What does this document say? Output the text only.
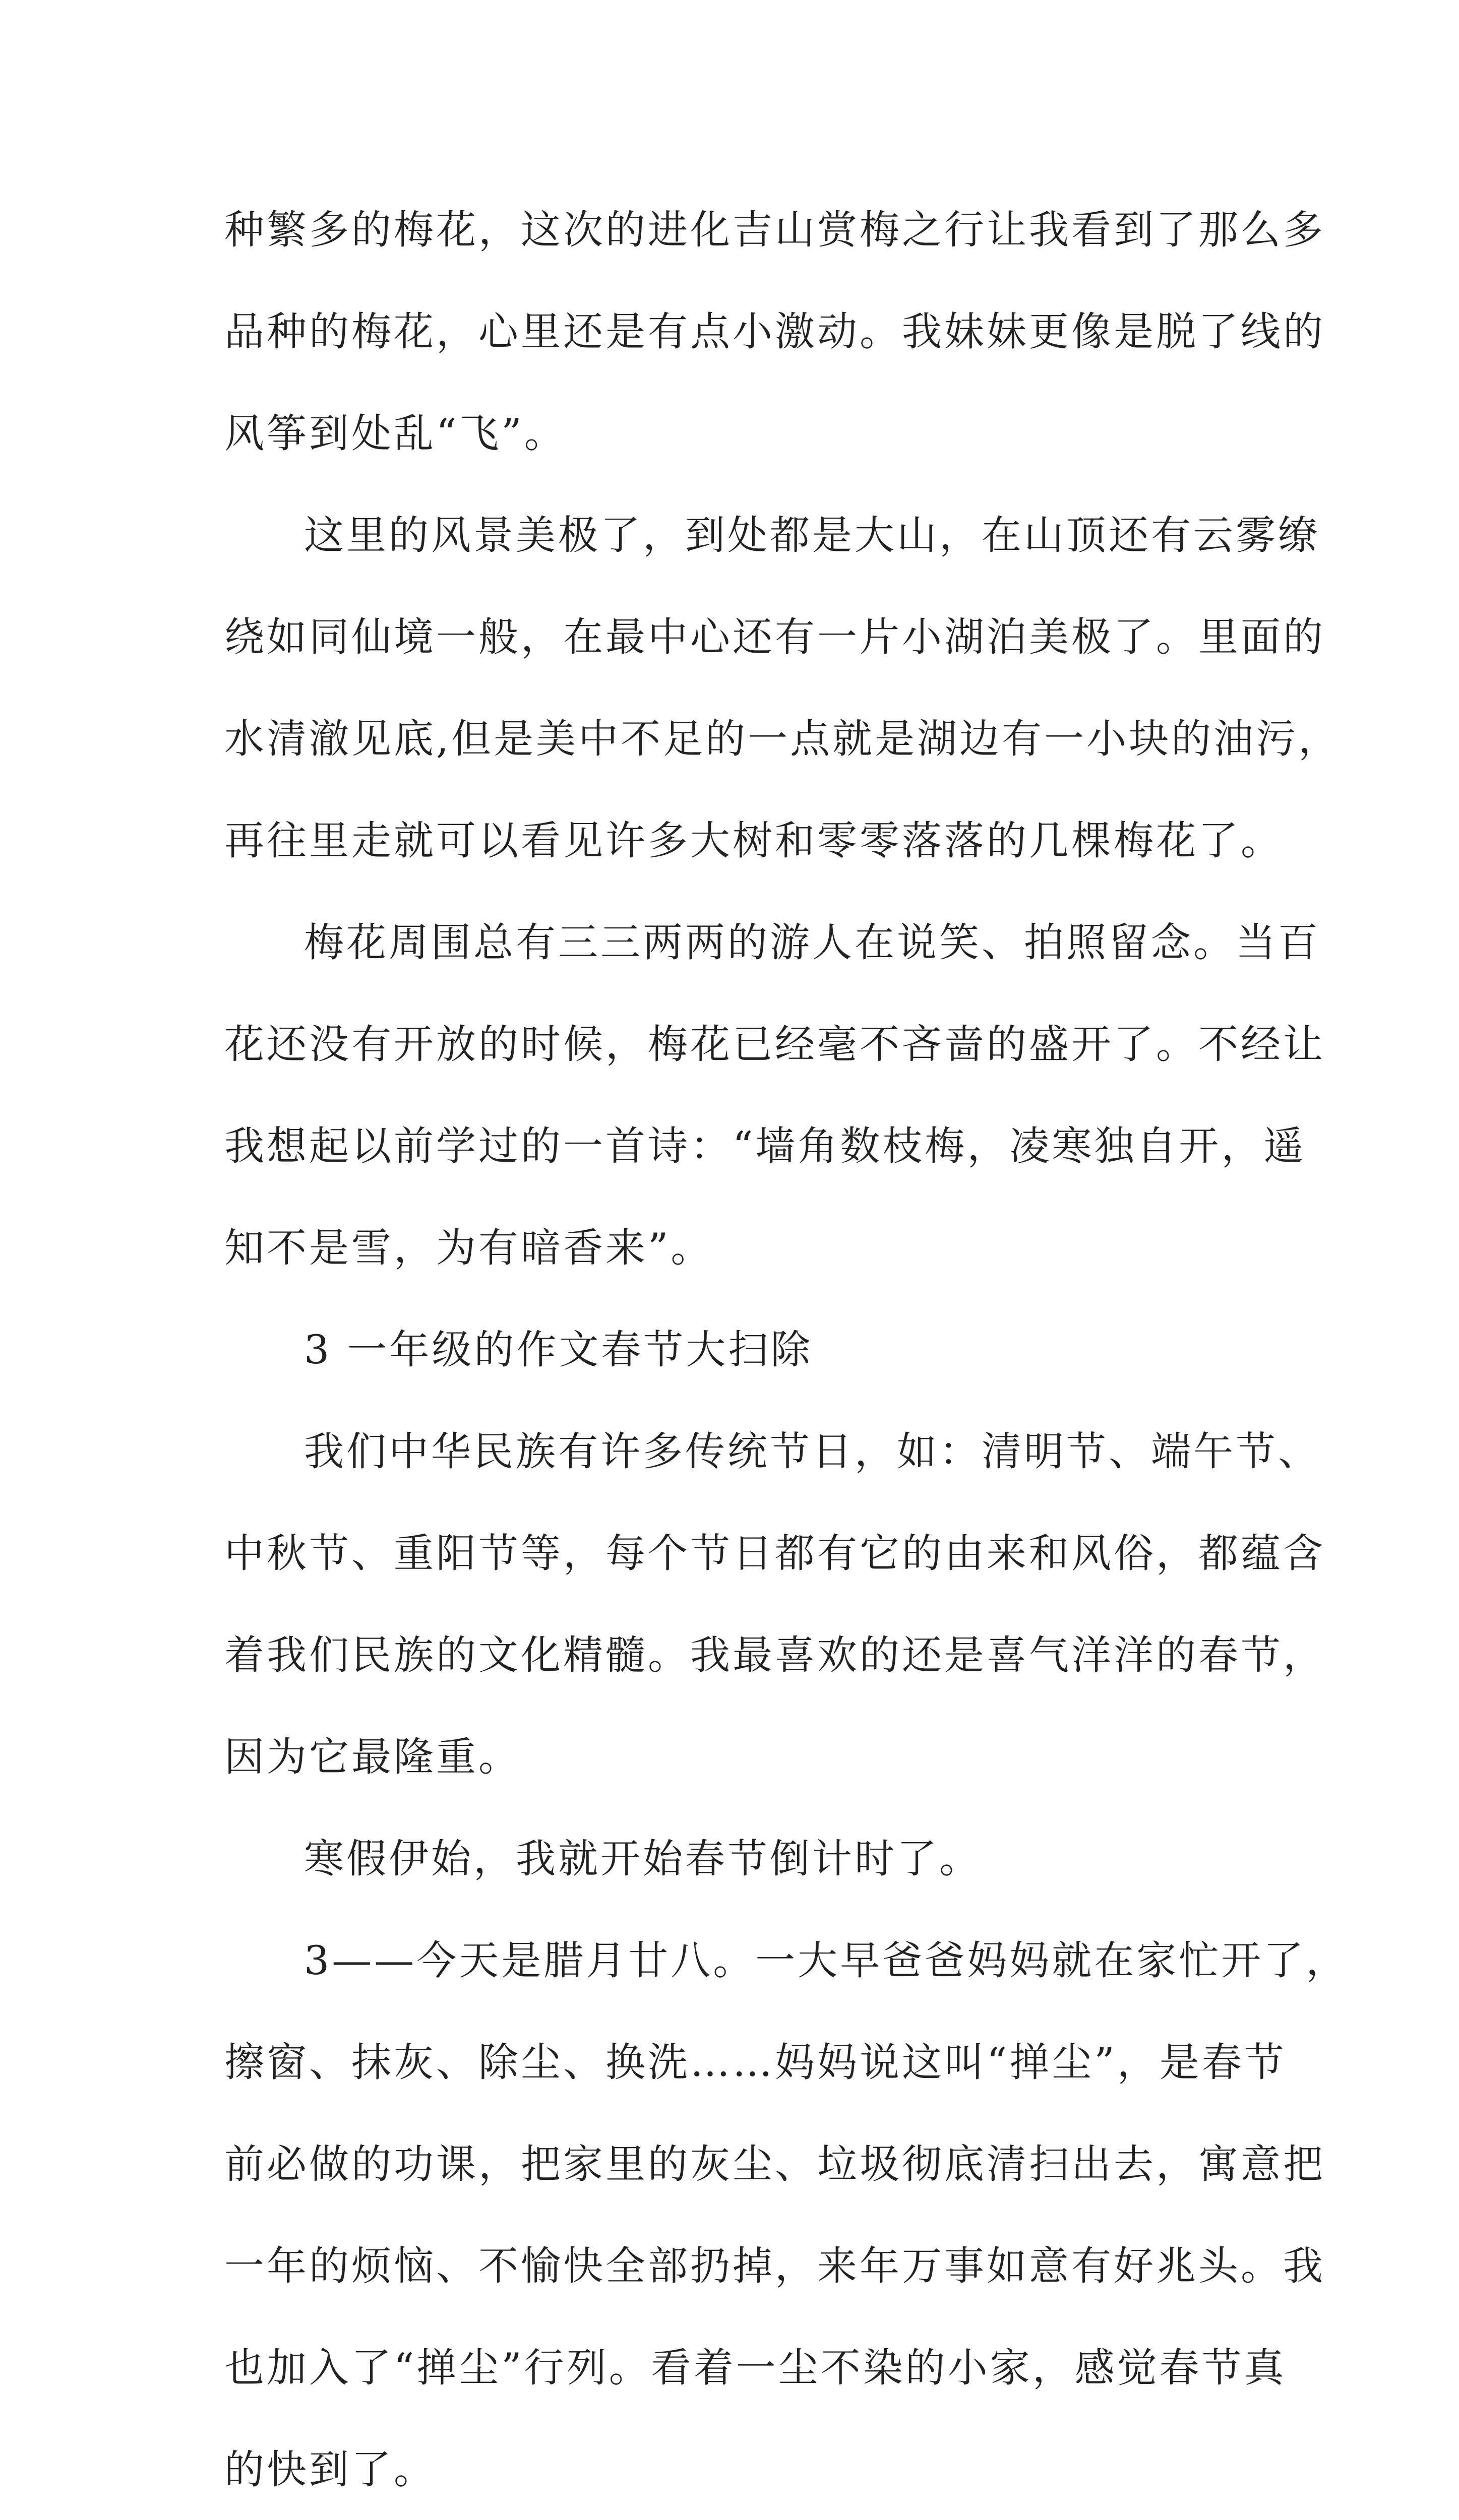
种繁多的梅花，这次的进化吉山赏梅之行让我看到了那么多
品种的梅花，心里还是有点小激动。我妹妹更像是脱了线的
风筝到处乱“飞”。
这里的风景美极了，到处都是大山，在山顶还有云雾缭
绕如同仙境一般，在最中心还有一片小湖泊美极了。里面的
水清澈见底,但是美中不足的一点就是湖边有一小块的油污，
再往里走就可以看见许多大树和零零落落的几棵梅花了。
梅花周围总有三三两两的游人在说笑、拍照留念。当百
花还没有开放的时候，梅花已经毫不吝啬的盛开了。不经让
我想起以前学过的一首诗：“墙角数枝梅，凌寒独自开，遥
知不是雪，为有暗香来”。
3 一年级的作文春节大扫除
我们中华民族有许多传统节日，如：清明节、端午节、
中秋节、重阳节等，每个节日都有它的由来和风俗，都蕴含
着我们民族的文化精髓。我最喜欢的还是喜气洋洋的春节，
因为它最隆重。
寒假伊始，我就开始春节倒计时了。
3——今天是腊月廿八。一大早爸爸妈妈就在家忙开了，
擦窗、抹灰、除尘、换洗……妈妈说这叫“掸尘”，是春节
前必做的功课，把家里的灰尘、垃圾彻底清扫出去，寓意把
一年的烦恼、不愉快全部扔掉，来年万事如意有好兆头。我
也加入了“掸尘”行列。看着一尘不染的小家，感觉春节真
的快到了。
